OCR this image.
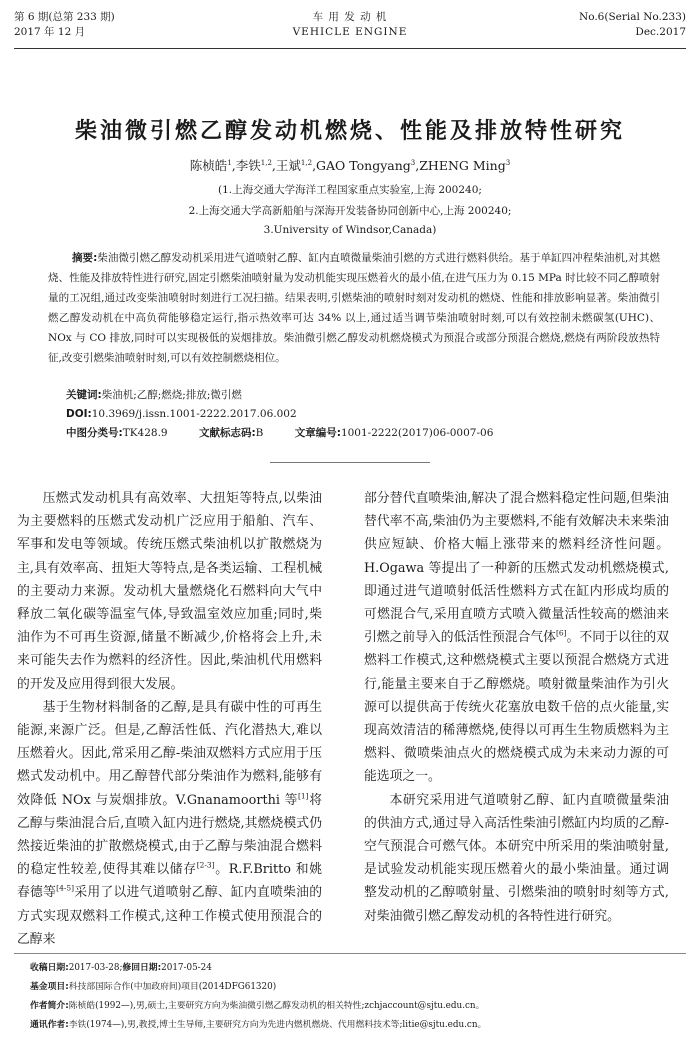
第 6 期(总第 233 期)
2017 年 12 月
车 用 发 动 机
VEHICLE ENGINE
No.6(Serial No.233)
Dec.2017
柴油微引燃乙醇发动机燃烧、性能及排放特性研究
陈桢皓$^1$,李铁$^{1,2}$,王斌$^{1,2}$,GAO Tongyang$^3$,ZHENG Ming$^3$
(1.上海交通大学海洋工程国家重点实验室,上海 200240;
2.上海交通大学高新船舶与深海开发装备协同创新中心,上海 200240;
3.University of Windsor,Canada)

摘要:柴油微引燃乙醇发动机采用进气道喷射乙醇、缸内直喷微量柴油引燃的方式进行燃料供给。基于单缸四冲程柴油机,对其燃烧、性能及排放特性进行研究,固定引燃柴油喷射量为发动机能实现压燃着火的最小值,在进气压力为 0.15 MPa 时比较不同乙醇喷射量的工况组,通过改变柴油喷射时刻进行工况扫描。结果表明,引燃柴油的喷射时刻对发动机的燃烧、性能和排放影响显著。柴油微引燃乙醇发动机在中高负荷能够稳定运行,指示热效率可达 34% 以上,通过适当调节柴油喷射时刻,可以有效控制未燃碳氢(UHC)、NOx 与 CO 排放,同时可以实现极低的炭烟排放。柴油微引燃乙醇发动机燃烧模式为预混合或部分预混合燃烧,燃烧有两阶段放热特征,改变引燃柴油喷射时刻,可以有效控制燃烧相位。

关键词:柴油机;乙醇;燃烧;排放;微引燃
DOI:10.3969/j.issn.1001-2222.2017.06.002
中图分类号:TK428.9	文献标志码:B	文章编号:1001-2222(2017)06-0007-06

压燃式发动机具有高效率、大扭矩等特点,以柴油为主要燃料的压燃式发动机广泛应用于船舶、汽车、军事和发电等领域。传统压燃式柴油机以扩散燃烧为主,具有效率高、扭矩大等特点,是各类运输、工程机械的主要动力来源。发动机大量燃烧化石燃料向大气中释放二氧化碳等温室气体,导致温室效应加重;同时,柴油作为不可再生资源,储量不断减少,价格将会上升,未来可能失去作为燃料的经济性。因此,柴油机代用燃料的开发及应用得到很大发展。

基于生物材料制备的乙醇,是具有碳中性的可再生能源,来源广泛。但是,乙醇活性低、汽化潜热大,难以压燃着火。因此,常采用乙醇-柴油双燃料方式应用于压燃式发动机中。用乙醇替代部分柴油作为燃料,能够有效降低 NOx 与炭烟排放。V.Gnanamoorthi 等[1]将乙醇与柴油混合后,直喷入缸内进行燃烧,其燃烧模式仍然接近柴油的扩散燃烧模式,由于乙醇与柴油混合燃料的稳定性较差,使得其难以储存[2-3]。R.F.Britto 和姚春德等[4-5]采用了以进气道喷射乙醇、缸内直喷柴油的方式实现双燃料工作模式,这种工作模式使用预混合的乙醇来

部分替代直喷柴油,解决了混合燃料稳定性问题,但柴油替代率不高,柴油仍为主要燃料,不能有效解决未来柴油供应短缺、价格大幅上涨带来的燃料经济性问题。H.Ogawa 等提出了一种新的压燃式发动机燃烧模式,即通过进气道喷射低活性燃料方式在缸内形成均质的可燃混合气,采用直喷方式喷入微量活性较高的燃油来引燃之前导入的低活性预混合气体[6]。不同于以往的双燃料工作模式,这种燃烧模式主要以预混合燃烧方式进行,能量主要来自于乙醇燃烧。喷射微量柴油作为引火源可以提供高于传统火花塞放电数千倍的点火能量,实现高效清洁的稀薄燃烧,使得以可再生生物质燃料为主燃料、微喷柴油点火的燃烧模式成为未来动力源的可能选项之一。

本研究采用进气道喷射乙醇、缸内直喷微量柴油的供油方式,通过导入高活性柴油引燃缸内均质的乙醇-空气预混合可燃气体。本研究中所采用的柴油喷射量,是试验发动机能实现压燃着火的最小柴油量。通过调整发动机的乙醇喷射量、引燃柴油的喷射时刻等方式,对柴油微引燃乙醇发动机的各特性进行研究。

收稿日期:2017-03-28;修回日期:2017-05-24
基金项目:科技部国际合作(中加政府间)项目(2014DFG61320)
作者简介:陈桢皓(1992—),男,硕士,主要研究方向为柴油微引燃乙醇发动机的相关特性;zchjaccount@sjtu.edu.cn。
通讯作者:李铁(1974—),男,教授,博士生导师,主要研究方向为先进内燃机燃烧、代用燃料技术等;litie@sjtu.edu.cn。
